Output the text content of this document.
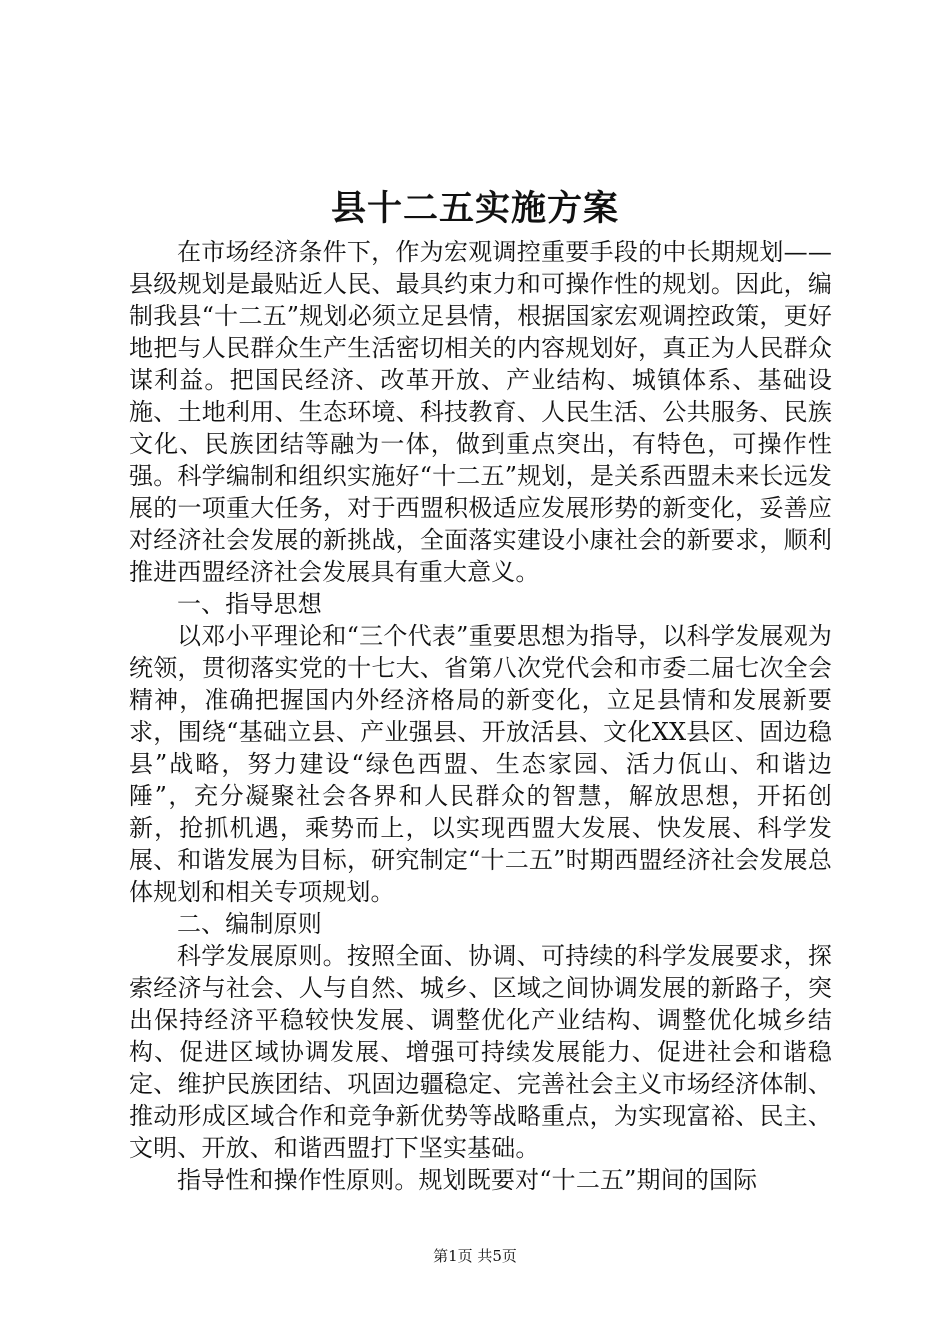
县十二五实施方案

在市场经济条件下，作为宏观调控重要手段的中长期规划——县级规划是最贴近人民、最具约束力和可操作性的规划。因此，编制我县“十二五”规划必须立足县情，根据国家宏观调控政策，更好地把与人民群众生产生活密切相关的内容规划好，真正为人民群众谋利益。把国民经济、改革开放、产业结构、城镇体系、基础设施、土地利用、生态环境、科技教育、人民生活、公共服务、民族文化、民族团结等融为一体，做到重点突出，有特色，可操作性强。科学编制和组织实施好“十二五”规划，是关系西盟未来长远发展的一项重大任务，对于西盟积极适应发展形势的新变化，妥善应对经济社会发展的新挑战，全面落实建设小康社会的新要求，顺利推进西盟经济社会发展具有重大意义。

一、指导思想

以邓小平理论和“三个代表”重要思想为指导，以科学发展观为统领，贯彻落实党的十七大、省第八次党代会和市委二届七次全会精神，准确把握国内外经济格局的新变化，立足县情和发展新要求，围绕“基础立县、产业强县、开放活县、文化XX县区、固边稳县”战略，努力建设“绿色西盟、生态家园、活力佤山、和谐边陲”，充分凝聚社会各界和人民群众的智慧，解放思想，开拓创新，抢抓机遇，乘势而上，以实现西盟大发展、快发展、科学发展、和谐发展为目标，研究制定“十二五”时期西盟经济社会发展总体规划和相关专项规划。

二、编制原则

科学发展原则。按照全面、协调、可持续的科学发展要求，探索经济与社会、人与自然、城乡、区域之间协调发展的新路子，突出保持经济平稳较快发展、调整优化产业结构、调整优化城乡结构、促进区域协调发展、增强可持续发展能力、促进社会和谐稳定、维护民族团结、巩固边疆稳定、完善社会主义市场经济体制、推动形成区域合作和竞争新优势等战略重点，为实现富裕、民主、文明、开放、和谐西盟打下坚实基础。

指导性和操作性原则。规划既要对“十二五”期间的国际

第1页 共5页
